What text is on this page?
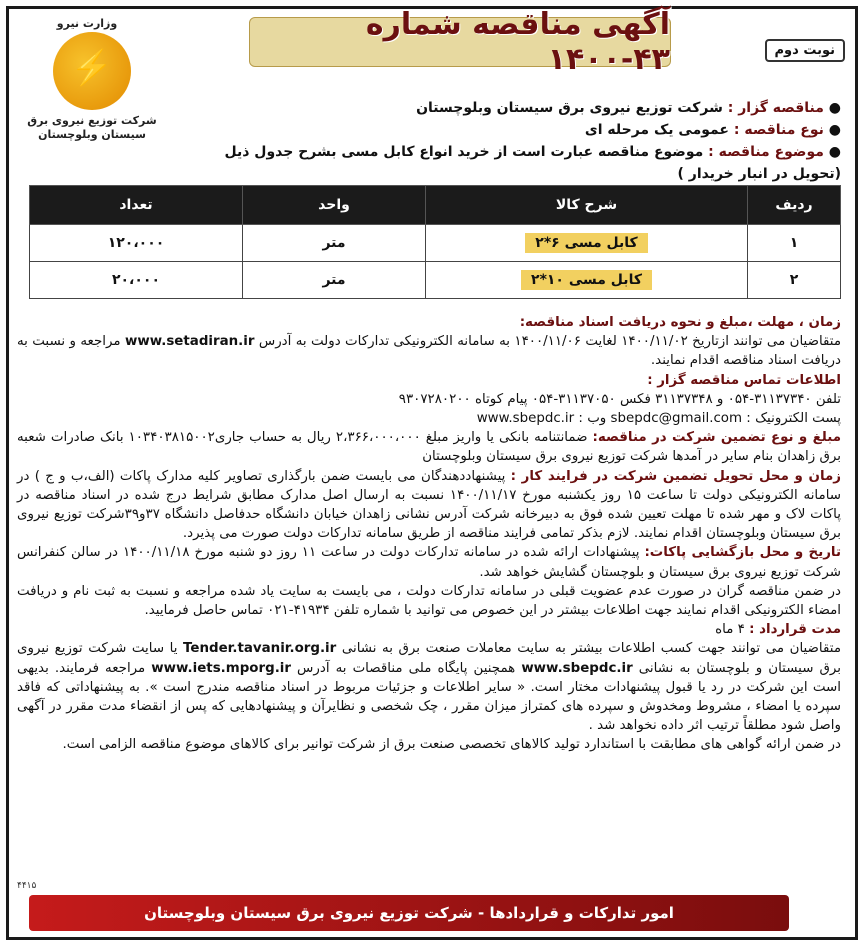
وزارت نیرو
⚡
شرکت توزیع نیروی برق
سیستان وبلوچستان
آگهی مناقصه شماره ۴۳-۱۴۰۰	نوبت دوم
● مناقصه گزار : شرکت توزیع نیروی برق سیستان وبلوچستان
● نوع مناقصه : عمومی یک مرحله ای
● موضوع مناقصه : موضوع مناقصه عبارت است از خرید انواع کابل مسی بشرح جدول ذیل (تحویل در انبار خریدار )
ردیف	شرح کالا	واحد	تعداد
۱	کابل مسی ۶*۲	متر	۱۲۰،۰۰۰
۲	کابل مسی ۱۰*۲	متر	۲۰،۰۰۰

زمان ، مهلت ،مبلغ و نحوه دریافت اسناد مناقصه:
متقاضیان می توانند ازتاریخ ۱۴۰۰/۱۱/۰۲ لغایت ۱۴۰۰/۱۱/۰۶ به سامانه الکترونیکی تدارکات دولت به آدرس www.setadiran.ir مراجعه و نسبت به دریافت اسناد مناقصه اقدام نمایند.

اطلاعات تماس مناقصه گزار :
تلفن ۳۱۱۳۷۳۴۰-۰۵۴ و ۳۱۱۳۷۳۴۸ فکس ۳۱۱۳۷۰۵۰-۰۵۴ پیام کوتاه ۹۳۰۷۲۸۰۲۰۰
پست الکترونیک : sbepdc@gmail.com وب : www.sbepdc.ir

مبلغ و نوع تضمین شرکت در مناقصه: ضمانتنامه بانکی یا واریز مبلغ ۲،۳۶۶،۰۰۰،۰۰۰ ریال به حساب جاری۱۰۳۴۰۳۸۱۵۰۰۲ بانک صادرات شعبه برق زاهدان بنام سایر در آمدها شرکت توزیع نیروی برق سیستان وبلوچستان

زمان و محل تحویل تضمین شرکت در فرایند کار : پیشنهاددهندگان می بایست ضمن بارگذاری تصاویر کلیه مدارک پاکات (الف،ب و ج ) در سامانه الکترونیکی دولت تا ساعت ۱۵ روز یکشنبه مورخ ۱۴۰۰/۱۱/۱۷ نسبت به ارسال اصل مدارک مطابق شرایط درج شده در اسناد مناقصه در پاکات لاک و مهر شده تا مهلت تعیین شده فوق به دبیرخانه شرکت آدرس نشانی زاهدان خیابان دانشگاه حدفاصل دانشگاه ۳۷و۳۹شرکت توزیع نیروی برق سیستان وبلوچستان اقدام نمایند. لازم بذکر تمامی فرایند مناقصه از طریق سامانه تدارکات دولت صورت می پذیرد.

تاریخ و محل بازگشایی پاکات: پیشنهادات ارائه شده در سامانه تدارکات دولت در ساعت ۱۱ روز دو شنبه مورخ ۱۴۰۰/۱۱/۱۸ در سالن کنفرانس شرکت توزیع نیروی برق سیستان و بلوچستان گشایش خواهد شد.

در ضمن مناقصه گران در صورت عدم عضویت قبلی در سامانه تدارکات دولت ، می بایست به سایت یاد شده مراجعه و نسبت به ثبت نام و دریافت امضاء الکترونیکی اقدام نمایند جهت اطلاعات بیشتر در این خصوص می توانید با شماره تلفن ۴۱۹۳۴-۰۲۱ تماس حاصل فرمایید.

مدت قرارداد : ۴ ماه

متقاضیان می توانند جهت کسب اطلاعات بیشتر به سایت معاملات صنعت برق به نشانی Tender.tavanir.org.ir یا سایت شرکت توزیع نیروی برق سیستان و بلوچستان به نشانی www.sbepdc.ir همچنین پایگاه ملی مناقصات به آدرس www.iets.mporg.ir مراجعه فرمایند. بدیهی است این شرکت در رد یا قبول پیشنهادات مختار است. « سایر اطلاعات و جزئیات مربوط در اسناد مناقصه مندرج است ». به پیشنهاداتی که فاقد سپرده یا امضاء ، مشروط ومخدوش و سپرده های کمتراز میزان مقرر ، چک شخصی و نظایرآن و پیشنهادهایی که پس از انقضاء مدت مقرر در آگهی واصل شود مطلقاً ترتیب اثر داده نخواهد شد .

در ضمن ارائه گواهی های مطابقت با استاندارد تولید کالاهای تخصصی صنعت برق از شرکت توانیر برای کالاهای موضوع مناقصه الزامی است.

۴۴۱۵
امور تدارکات و قراردادها - شرکت توزیع نیروی برق سیستان وبلوچستان
